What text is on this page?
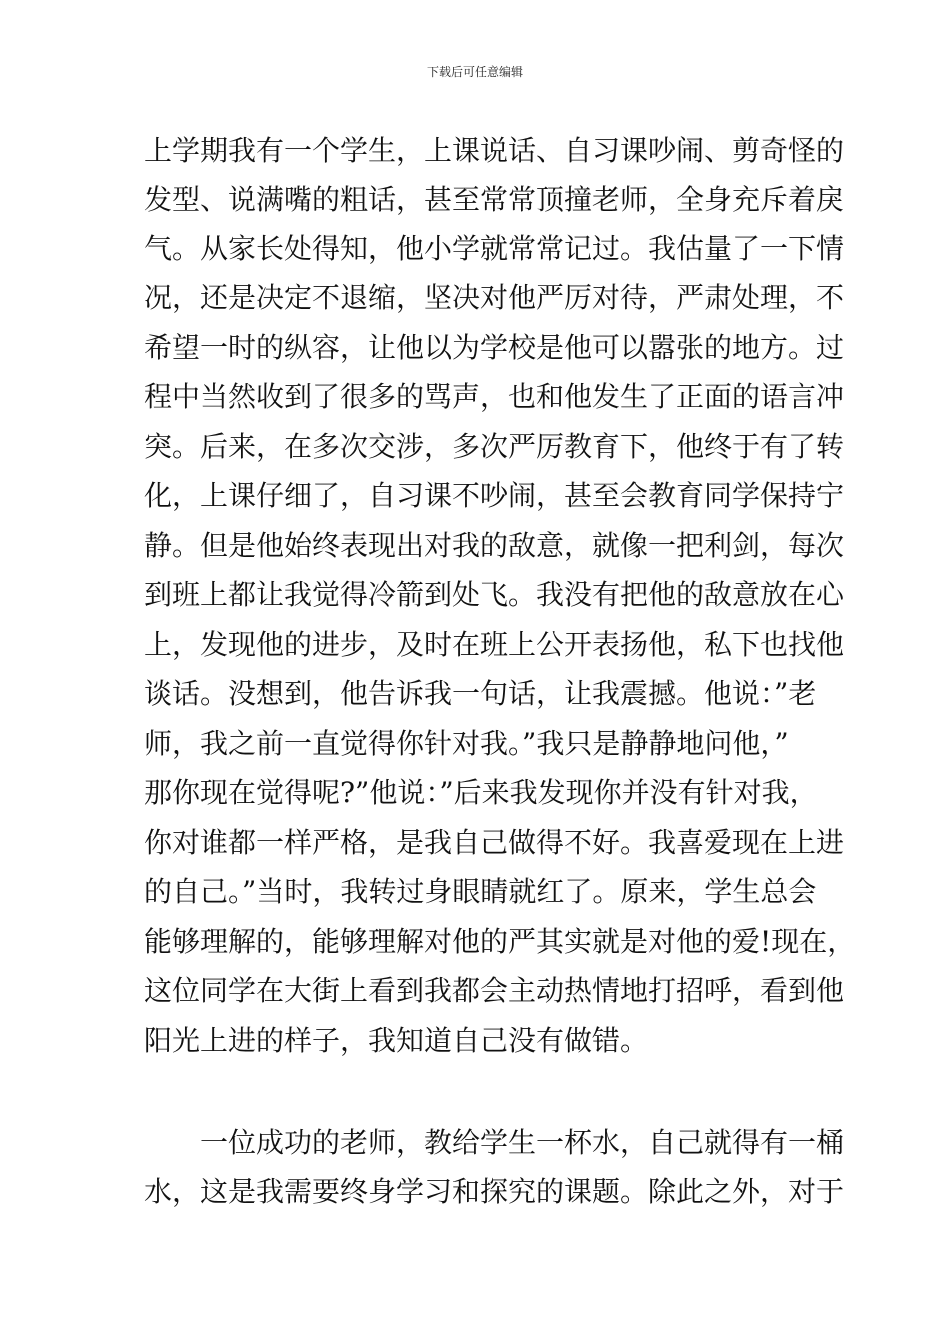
下载后可任意编辑
上学期我有一个学生，上课说话、自习课吵闹、剪奇怪的
发型、说满嘴的粗话，甚至常常顶撞老师，全身充斥着戾
气。从家长处得知，他小学就常常记过。我估量了一下情
况，还是决定不退缩，坚决对他严厉对待，严肃处理，不
希望一时的纵容，让他以为学校是他可以嚣张的地方。过
程中当然收到了很多的骂声，也和他发生了正面的语言冲
突。后来，在多次交涉，多次严厉教育下，他终于有了转
化，上课仔细了，自习课不吵闹，甚至会教育同学保持宁
静。但是他始终表现出对我的敌意，就像一把利剑，每次
到班上都让我觉得冷箭到处飞。我没有把他的敌意放在心
上，发现他的进步，及时在班上公开表扬他，私下也找他
谈话。没想到，他告诉我一句话，让我震撼。他说：”老
师，我之前一直觉得你针对我。”我只是静静地问他，”
那你现在觉得呢?”他说：”后来我发现你并没有针对我，
你对谁都一样严格，是我自己做得不好。我喜爱现在上进
的自己。”当时，我转过身眼睛就红了。原来，学生总会
能够理解的，能够理解对他的严其实就是对他的爱!现在，
这位同学在大街上看到我都会主动热情地打招呼，看到他
阳光上进的样子，我知道自己没有做错。
一位成功的老师，教给学生一杯水，自己就得有一桶
水，这是我需要终身学习和探究的课题。除此之外，对于
